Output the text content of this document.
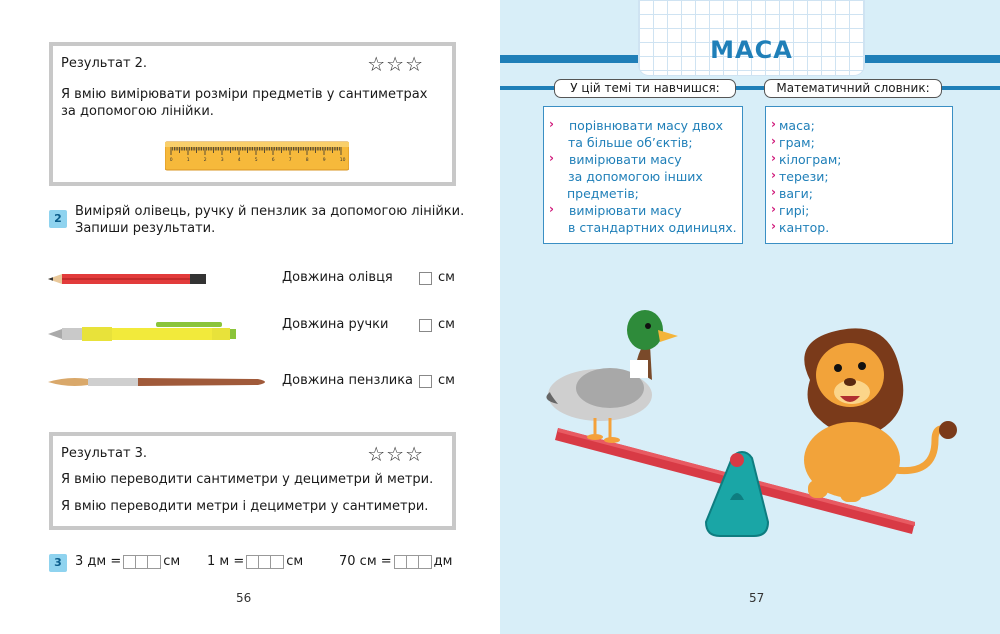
Результат 2.	☆☆☆
Я вмію вимірювати розміри предметів у сантиметрах
за допомогою лінійки.
0	1	2	3	4	5	6	7	8	9	10
2	Виміряй олівець, ручку й пензлик за допомогою лінійки.
Запиши результати.
Довжина олівця	см
Довжина ручки	см
Довжина пензлика см
Результат 3.	☆☆☆
Я вмію переводити сантиметри у дециметри й метри.
Я вмію переводити метри і дециметри у сантиметри.
3	3 дм =	см 1 м =	см	70 см =	дм
56
МАСА
У цій темі ти навчишся:	Математичний словник:
› порівнювати масу двох
та більше об’єктів;
› вимірювати масу
за допомогою інших
предметів;
› вимірювати масу
в стандартних одиницях.
› маса;
› грам;
› кілограм;
› терези;
› ваги;
› гирі;
› кантор.
57
